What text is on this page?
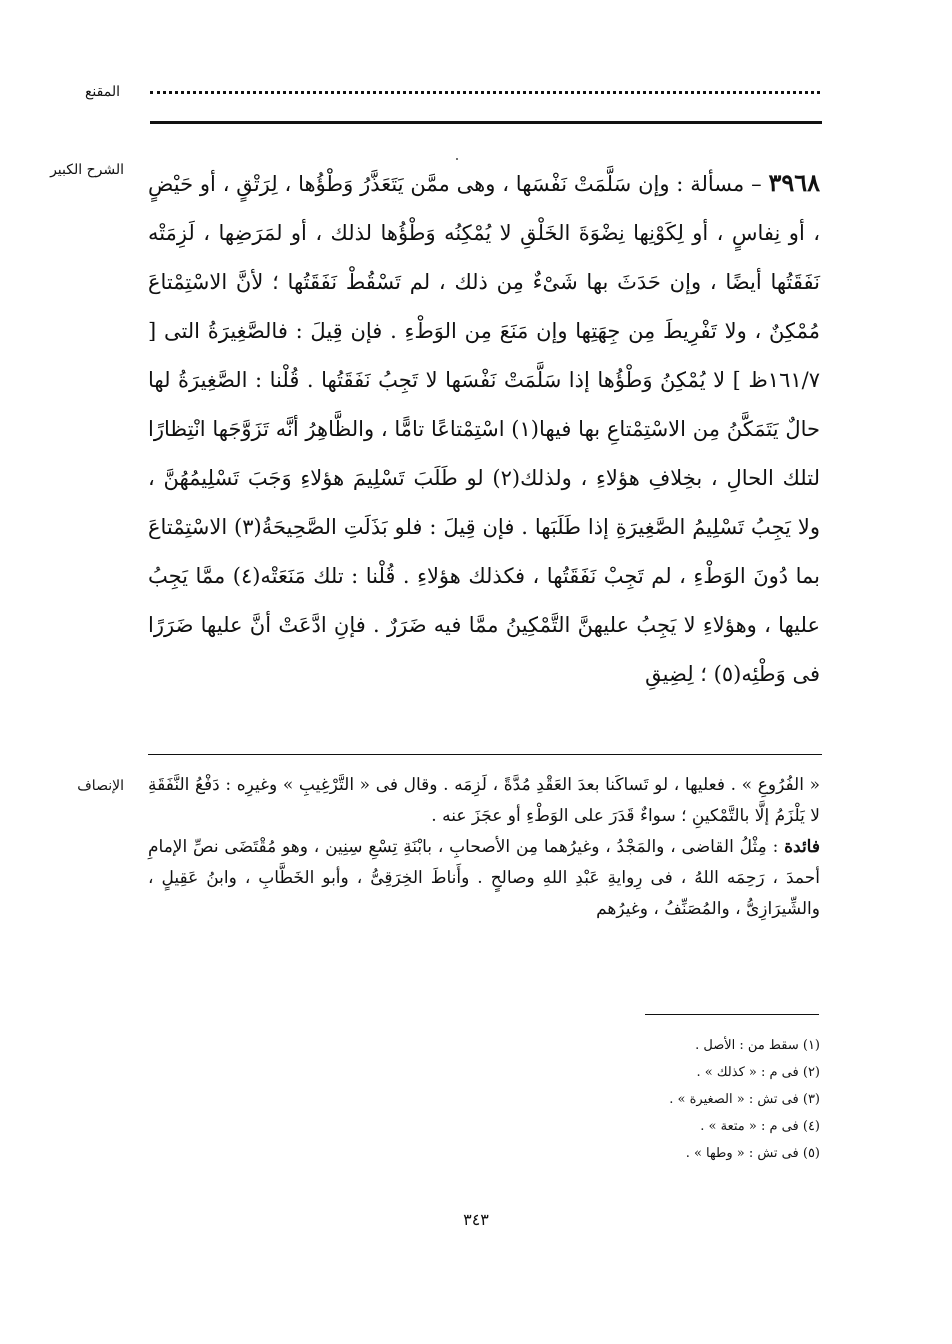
المقنع
الشرح الكبير	٣٩٦٨ – مسألة : وإن سَلَّمَتْ نَفْسَها ، وهى ممَّن يَتَعَذَّرُ وَطْؤُها ، لِرَتْقٍ ، أو حَيْضٍ ، أو نِفاسٍ ، أو لِكَوْنِها نِضْوَةَ الخَلْقِ لا يُمْكِنُه وَطْؤُها لذلك ، أو لمَرَضِها ، لَزِمَتْه نَفَقَتُها أيضًا ، وإن حَدَثَ بها شَىْءٌ مِن ذلك ، لم تَسْقُطْ نَفَقَتُها ؛ لأنَّ الاسْتِمْتاعَ مُمْكِنٌ ، ولا تَفْرِيطَ مِن جِهَتِها وإن مَنَعَ مِن الوَطْءِ . فإن قِيلَ : فالصَّغِيرَةُ التى [ ١٦١/٧ظ ] لا يُمْكِنُ وَطْؤُها إذا سَلَّمَتْ نَفْسَها لا تَجِبُ نَفَقَتُها . قُلْنا : الصَّغِيرَةُ لها حالٌ يَتَمَكَّنُ مِن الاسْتِمْتاعِ بها فيها(١) اسْتِمْتاعًا تامًّا ، والظَّاهِرُ أنَّه تَزَوَّجَها انْتِظارًا لتلك الحالِ ، بخِلافِ هؤلاءِ ، ولذلك(٢) لو طَلَبَ تَسْلِيمَ هؤلاءِ وَجَبَ تَسْلِيمُهُنَّ ، ولا يَجِبُ تَسْلِيمُ الصَّغِيرَةِ إذا طَلَبَها . فإن قِيلَ : فلو بَذَلَتِ الصَّحِيحَةُ(٣) الاسْتِمْتاعَ بما دُونَ الوَطْءِ ، لم تَجِبْ نَفَقَتُها ، فكذلك هؤلاءِ . قُلْنا : تلك مَنَعَتْه(٤) ممَّا يَجِبُ عليها ، وهؤلاءِ لا يَجِبُ عليهنَّ التَّمْكِينُ ممَّا فيه ضَرَرٌ . فإنِ ادَّعَتْ أنَّ عليها ضَرَرًا فى وَطْئِه(٥) ؛ لِضِيقِ

الإنصاف « الفُرُوعِ » . فعليها ، لو تَساكَنا بعدَ العَقْدِ مُدَّةً ، لَزِمَه . وقال فى « التَّرْغِيبِ » وغيرِه : دَفْعُ النَّفَقَةِ لا يَلْزَمُ إلَّا بالتَّمْكينِ ؛ سواءٌ قَدَرَ على الوَطْءِ أو عجَزَ عنه .

فائدة : مِثْلُ القاضى ، والمَجْدُ ، وغيرُهما مِن الأصحابِ ، بابْنَةِ تِسْعِ سِنِين ، وهو مُقْتَضَى نصِّ الإمامِ أحمدَ ، رَحِمَه اللهُ ، فى رِوايةِ عَبْدِ اللهِ وصالحٍ . وأَناطَ الخِرَقِىُّ ، وأبو الخَطَّابِ ، وابنُ عَقِيلٍ ، والشِّيرَازِىُّ ، والمُصَنِّفُ ، وغيرُهم

(١) سقط من : الأصل .
(٢) فى م : « كذلك » .
(٣) فى تش : « الصغيرة » .
(٤) فى م : « متعة » .
(٥) فى تش : « وطها » .
٣٤٣
